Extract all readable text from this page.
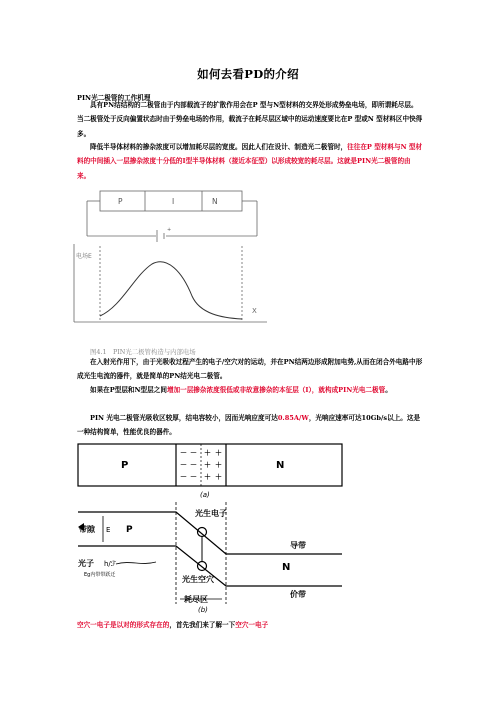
如何去看PD的介绍
PIN光二极管的工作机理

具有PN结结构的二极管由于内部载流子的扩散作用会在P 型与N型材料的交界处形成势垒电场，即所谓耗尽层。当二极管处于反向偏置状态时由于势垒电场的作用，载流子在耗尽层区域中的运动速度要比在P 型或N 型材料区中快得多。

降低半导体材料的掺杂浓度可以增加耗尽层的宽度。因此人们在设计、制造光二极管时，往往在P 型材料与N 型材料的中间插入一层掺杂浓度十分低的I型半导体材料（接近本征型）以形成较宽的耗尽层。这就是PIN光二极管的由来。

P	I	N
+
电场E
X
图4.1　PIN光二极管构造与内部电场

在入射光作用下，由于光吸收过程产生的电子/空穴对的运动，并在PN结两边形成附加电势,从而在闭合外电路中形成光生电流的器件，就是简单的PN结光电二极管。

如果在P型层和N型层之间增加一层掺杂浓度很低或非故意掺杂的本征层（I），就构成PIN光电二极管。

PIN 光电二极管光吸收区较厚，结电容较小，因而光响应度可达0.85A/W，光响应速率可达10Gb/s以上。这是一种结构简单，性能优良的器件。

P	N
－
－
－
－
－
－
＋
＋
＋
＋
＋
＋
(a)
光生电子
带隙 E P
导带
光子 h/ℱ
Eg内带带跃迁
N
光生空穴
价带
耗尽区
(b)
空穴一电子是以对的形式存在的，首先我们来了解一下空穴一电子
